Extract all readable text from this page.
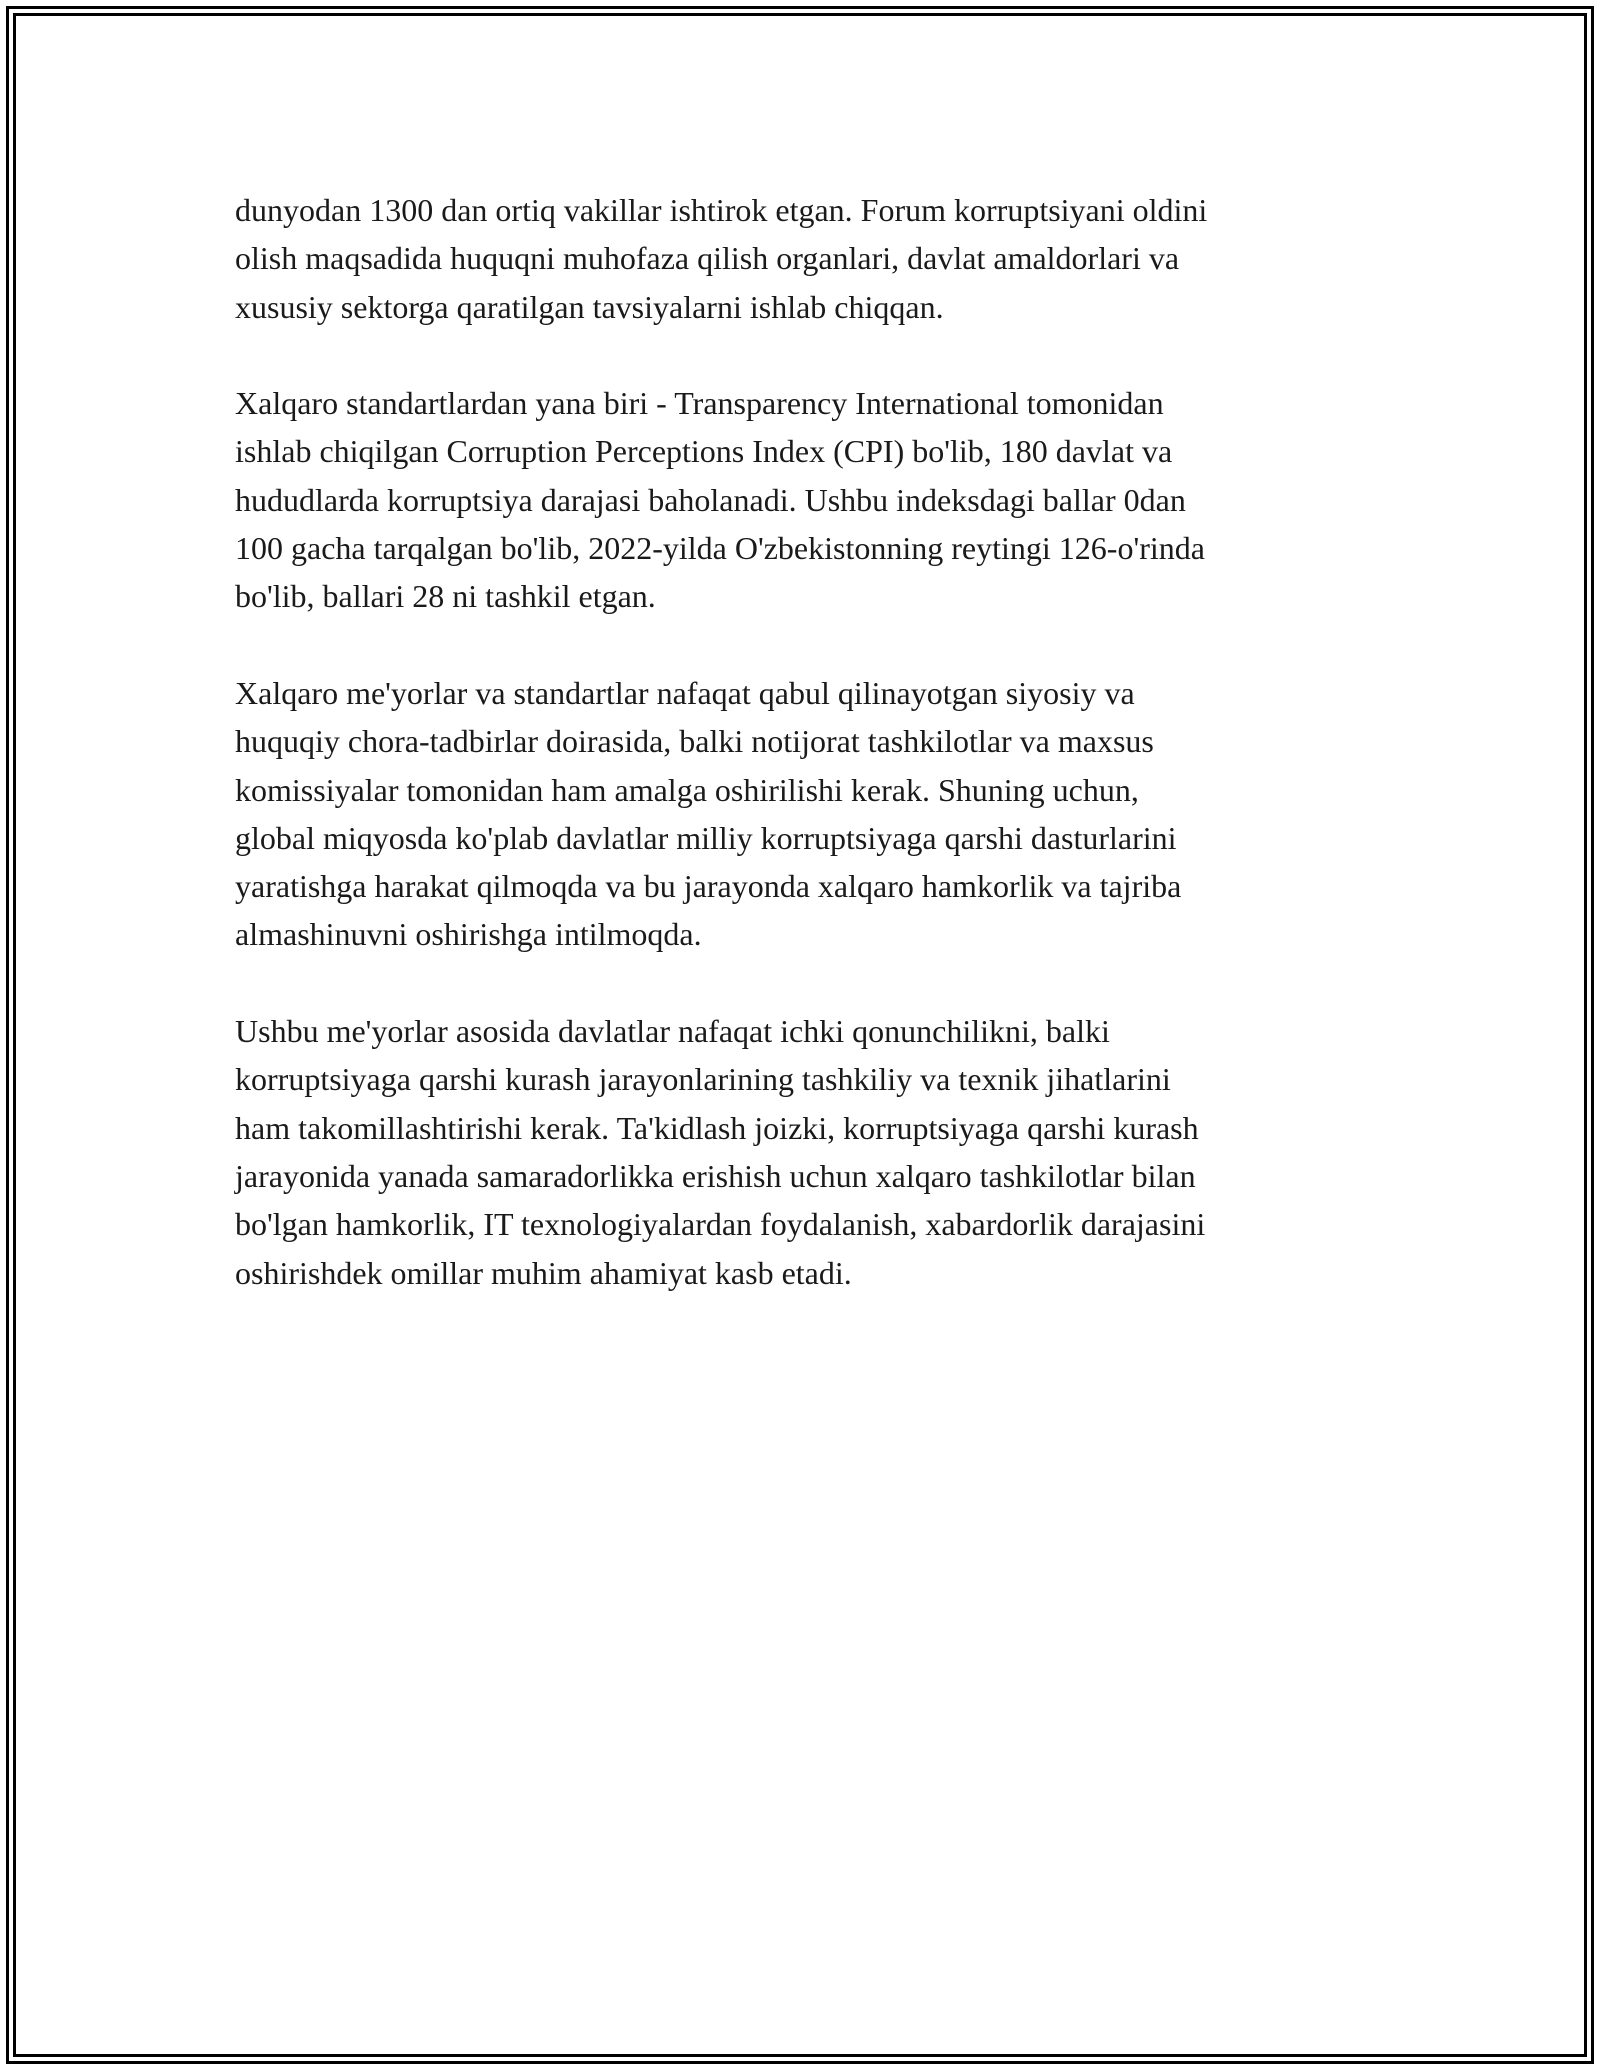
dunyodan 1300 dan ortiq vakillar ishtirok etgan. Forum korruptsiyani oldini
olish maqsadida huquqni muhofaza qilish organlari, davlat amaldorlari va
xususiy sektorga qaratilgan tavsiyalarni ishlab chiqqan.

Xalqaro standartlardan yana biri - Transparency International tomonidan
ishlab chiqilgan Corruption Perceptions Index (CPI) bo'lib, 180 davlat va
hududlarda korruptsiya darajasi baholanadi. Ushbu indeksdagi ballar 0dan
100 gacha tarqalgan bo'lib, 2022-yilda O'zbekistonning reytingi 126-o'rinda
bo'lib, ballari 28 ni tashkil etgan.

Xalqaro me'yorlar va standartlar nafaqat qabul qilinayotgan siyosiy va
huquqiy chora-tadbirlar doirasida, balki notijorat tashkilotlar va maxsus
komissiyalar tomonidan ham amalga oshirilishi kerak. Shuning uchun,
global miqyosda ko'plab davlatlar milliy korruptsiyaga qarshi dasturlarini
yaratishga harakat qilmoqda va bu jarayonda xalqaro hamkorlik va tajriba
almashinuvni oshirishga intilmoqda.

Ushbu me'yorlar asosida davlatlar nafaqat ichki qonunchilikni, balki
korruptsiyaga qarshi kurash jarayonlarining tashkiliy va texnik jihatlarini
ham takomillashtirishi kerak. Ta'kidlash joizki, korruptsiyaga qarshi kurash
jarayonida yanada samaradorlikka erishish uchun xalqaro tashkilotlar bilan
bo'lgan hamkorlik, IT texnologiyalardan foydalanish, xabardorlik darajasini
oshirishdek omillar muhim ahamiyat kasb etadi.
